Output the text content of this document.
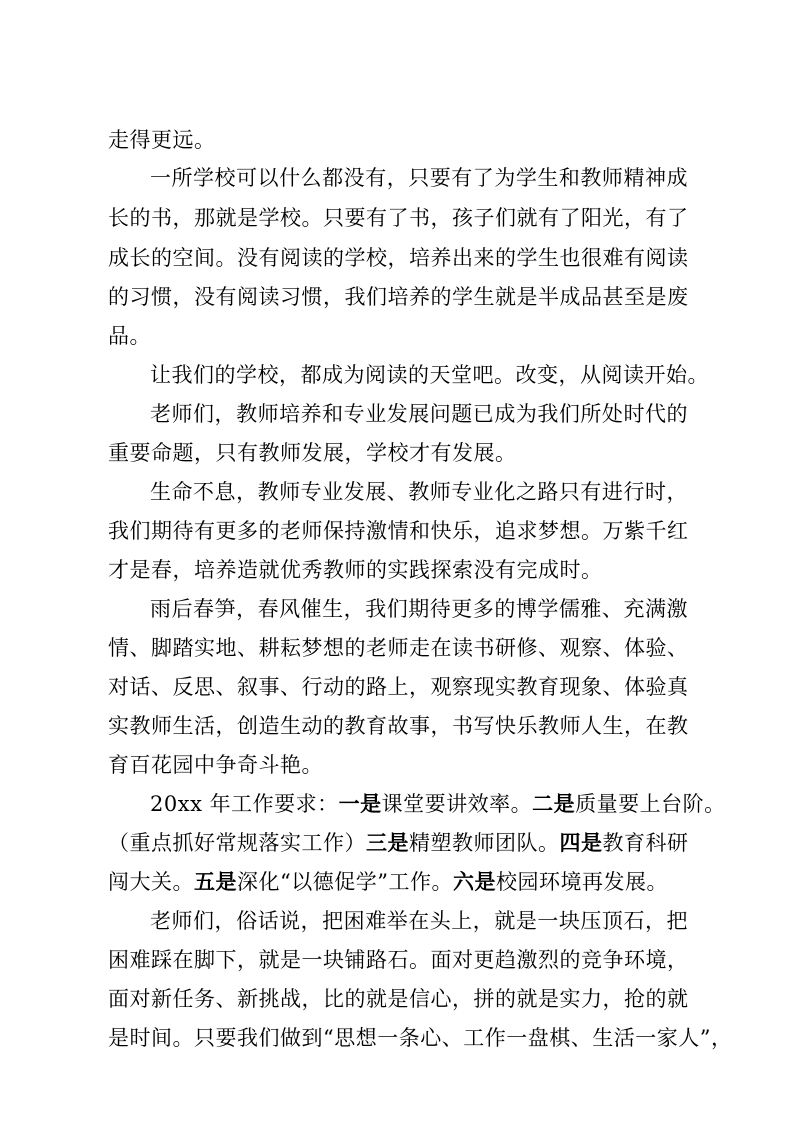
走得更远。
一所学校可以什么都没有，只要有了为学生和教师精神成
长的书，那就是学校。只要有了书，孩子们就有了阳光，有了
成长的空间。没有阅读的学校，培养出来的学生也很难有阅读
的习惯，没有阅读习惯，我们培养的学生就是半成品甚至是废
品。
让我们的学校，都成为阅读的天堂吧。改变，从阅读开始。
老师们，教师培养和专业发展问题已成为我们所处时代的
重要命题，只有教师发展，学校才有发展。
生命不息，教师专业发展、教师专业化之路只有进行时，
我们期待有更多的老师保持激情和快乐，追求梦想。万紫千红
才是春，培养造就优秀教师的实践探索没有完成时。
雨后春笋，春风催生，我们期待更多的博学儒雅、充满激
情、脚踏实地、耕耘梦想的老师走在读书研修、观察、体验、
对话、反思、叙事、行动的路上，观察现实教育现象、体验真
实教师生活，创造生动的教育故事，书写快乐教师人生，在教
育百花园中争奇斗艳。
20xx 年工作要求：一是课堂要讲效率。二是质量要上台阶。
（重点抓好常规落实工作）三是精塑教师团队。四是教育科研
闯大关。五是深化“以德促学”工作。六是校园环境再发展。
老师们，俗话说，把困难举在头上，就是一块压顶石，把
困难踩在脚下，就是一块铺路石。面对更趋激烈的竞争环境，
面对新任务、新挑战，比的就是信心，拼的就是实力，抢的就
是时间。只要我们做到“思想一条心、工作一盘棋、生活一家人”，
